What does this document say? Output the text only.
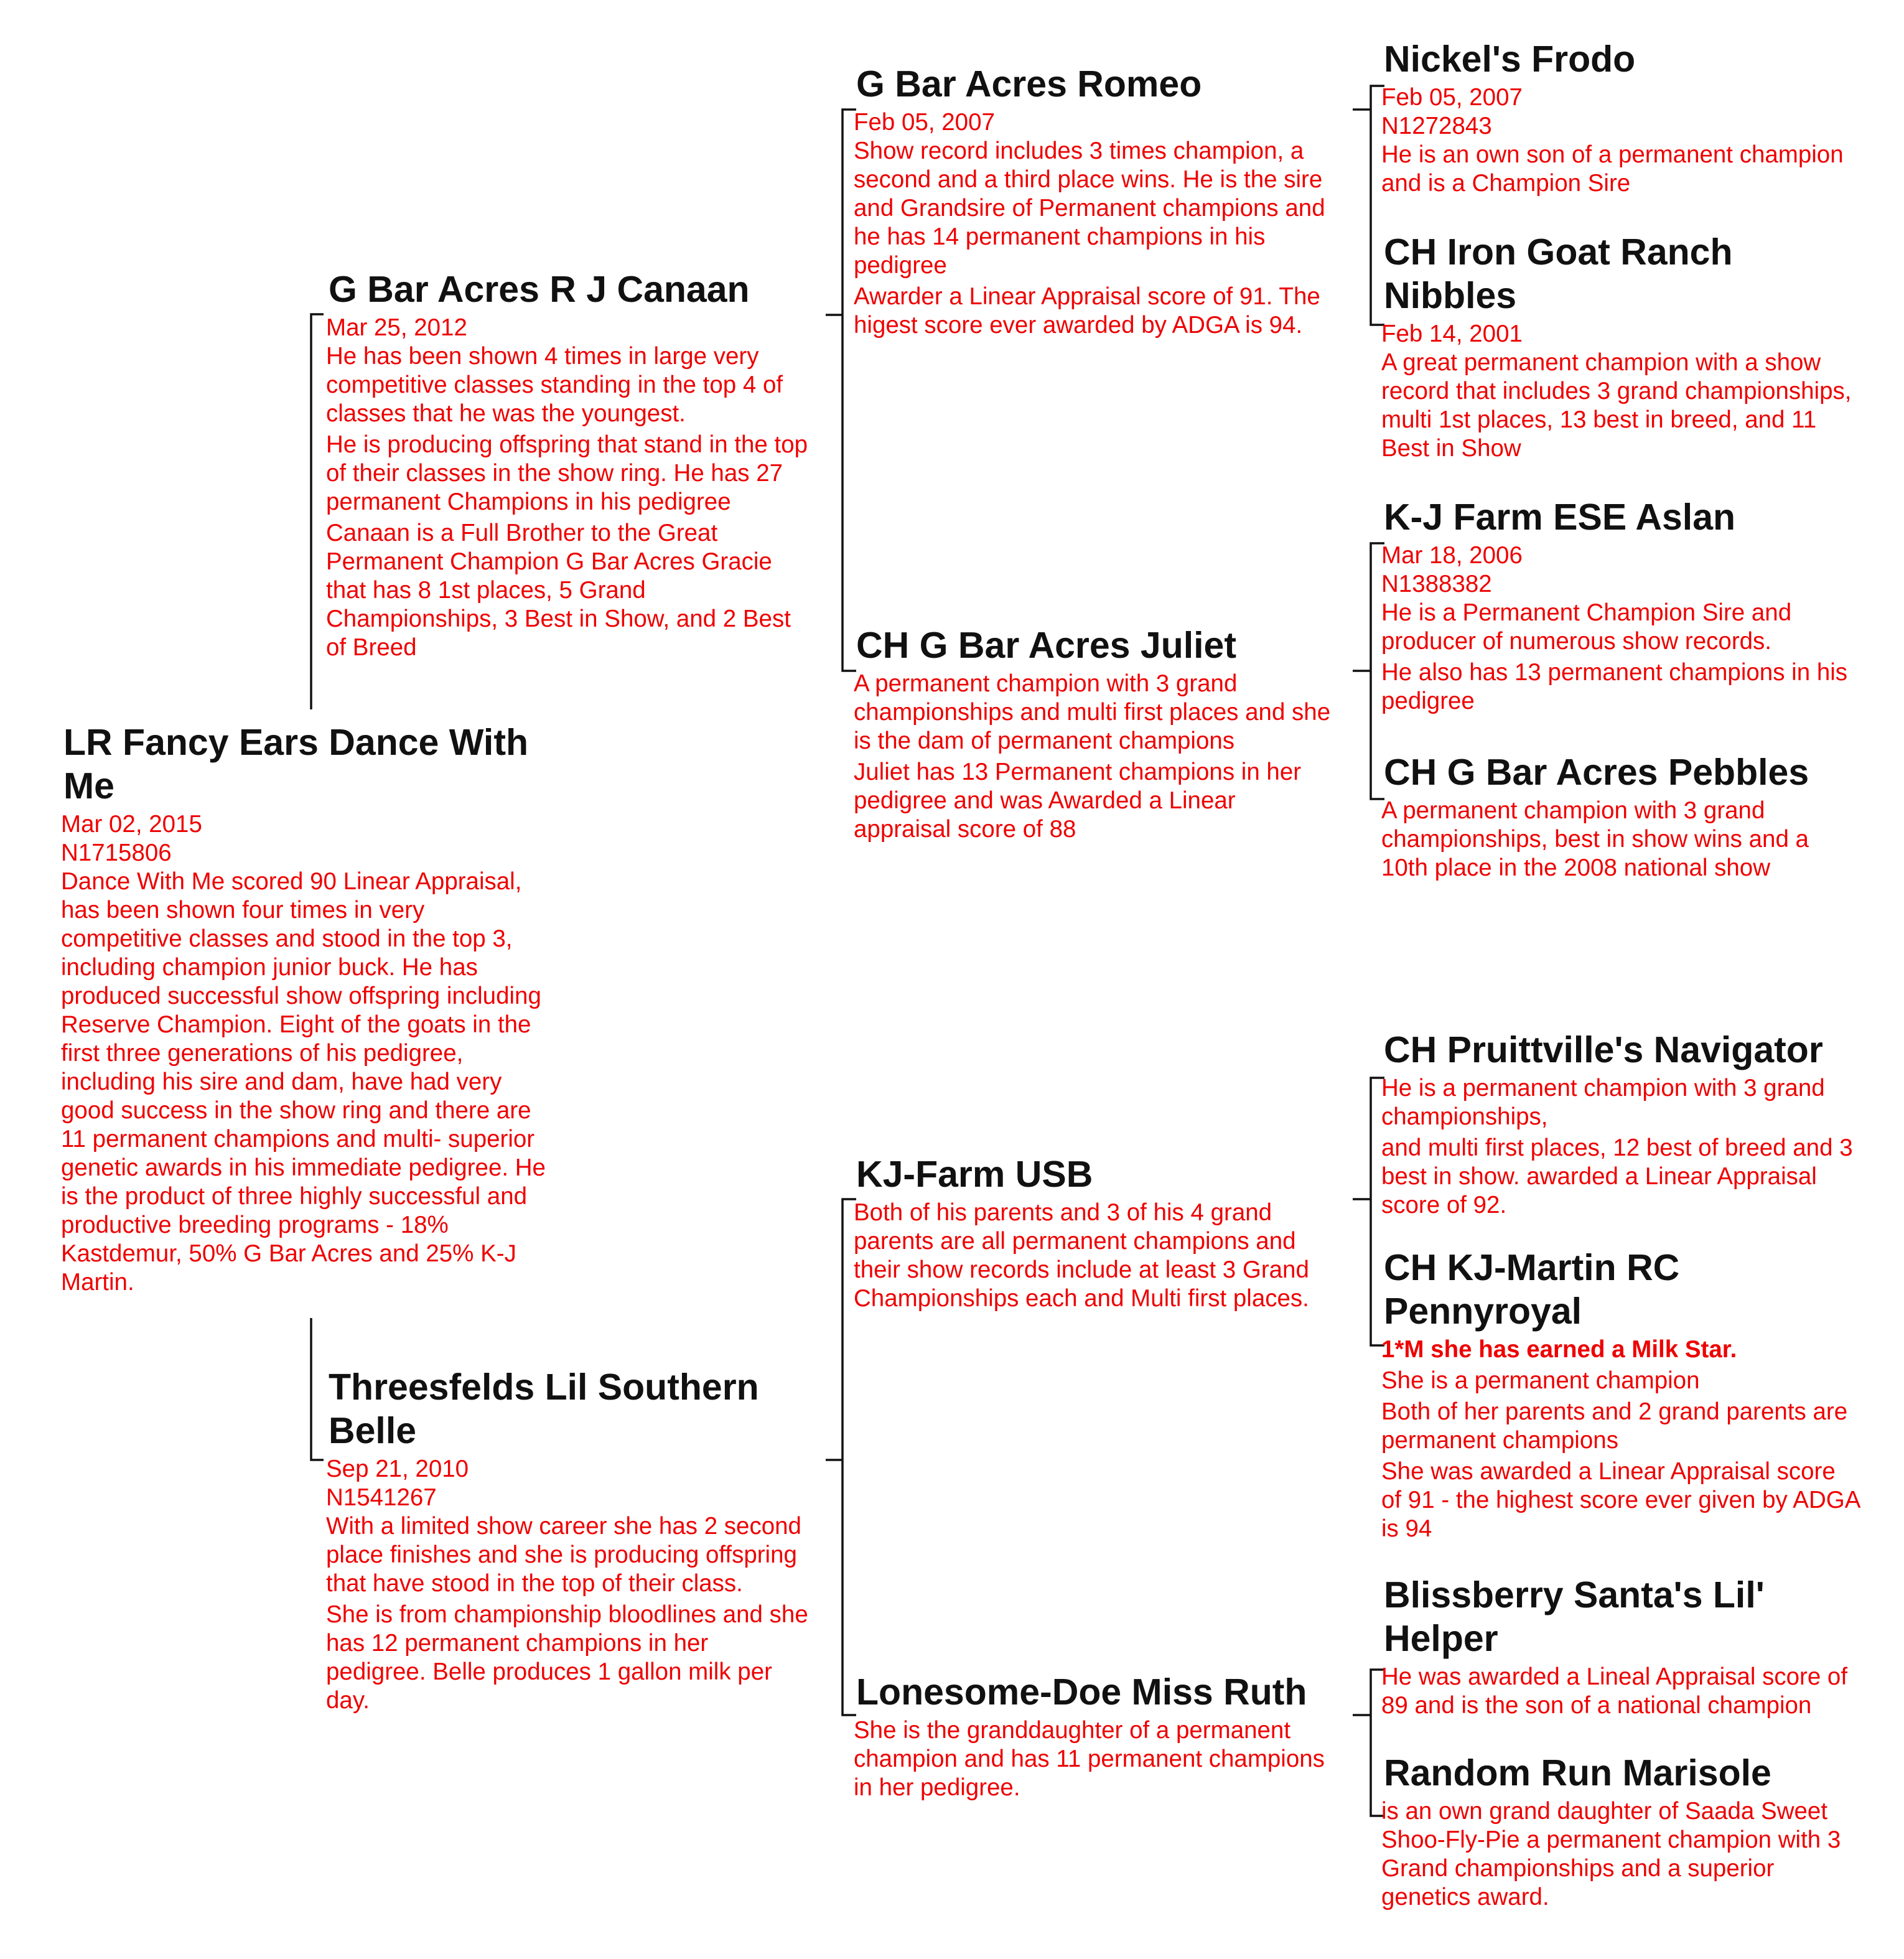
LR Fancy Ears Dance With Me
Mar 02, 2015
N1715806
Dance With Me scored 90 Linear Appraisal, has been shown four times in very competitive classes and stood in the top 3, including champion junior buck. He has produced successful show offspring including Reserve Champion. Eight of the goats in the first three generations of his pedigree, including his sire and dam, have had very good success in the show ring and there are 11 permanent champions and multi- superior genetic awards in his immediate pedigree. He is the product of three highly successful and productive breeding programs - 18% Kastdemur, 50% G Bar Acres and 25% K-J Martin.
G Bar Acres R J Canaan
Mar 25, 2012
He has been shown 4 times in large very competitive classes standing in the top 4 of classes that he was the youngest.
He is producing offspring that stand in the top of their classes in the show ring. He has 27 permanent Champions in his pedigree
Canaan is a Full Brother to the Great Permanent Champion G Bar Acres Gracie that has 8 1st places, 5 Grand Championships, 3 Best in Show, and 2 Best of Breed
Threesfelds Lil Southern Belle
Sep 21, 2010
N1541267
With a limited show career she has 2 second place finishes and she is producing offspring that have stood in the top of their class.
She is from championship bloodlines and she has 12 permanent champions in her pedigree. Belle produces 1 gallon milk per day.
G Bar Acres Romeo
Feb 05, 2007
Show record includes 3 times champion, a second and a third place wins. He is the sire and Grandsire of Permanent champions and he has 14 permanent champions in his pedigree
Awarder a Linear Appraisal score of 91. The higest score ever awarded by ADGA is 94.
CH G Bar Acres Juliet
A permanent champion with 3 grand championships and multi first places and she is the dam of permanent champions
Juliet has 13 Permanent champions in her pedigree and was Awarded a Linear appraisal score of 88
KJ-Farm USB
Both of his parents and 3 of his 4 grand parents are all permanent champions and their show records include at least 3 Grand Championships each and Multi first places.
Lonesome-Doe Miss Ruth
She is the granddaughter of a permanent champion and has 11 permanent champions in her pedigree.
Nickel's Frodo
Feb 05, 2007
N1272843
He is an own son of a permanent champion and is a Champion Sire
CH Iron Goat Ranch Nibbles
Feb 14, 2001
A great permanent champion with a show record that includes 3 grand championships, multi 1st places, 13 best in breed, and 11 Best in Show
K-J Farm ESE Aslan
Mar 18, 2006
N1388382
He is a Permanent Champion Sire and producer of numerous show records.
He also has 13 permanent champions in his pedigree
CH G Bar Acres Pebbles
A permanent champion with 3 grand championships, best in show wins and a 10th place in the 2008 national show
CH Pruittville's Navigator
He is a permanent champion with 3 grand championships,
and multi first places, 12 best of breed and 3 best in show. awarded a Linear Appraisal score of 92.
CH KJ-Martin RC Pennyroyal
1*M she has earned a Milk Star.
She is a permanent champion
Both of her parents and 2 grand parents are permanent champions
She was awarded a Linear Appraisal score of 91 - the highest score ever given by ADGA is 94
Blissberry Santa's Lil' Helper
He was awarded a Lineal Appraisal score of 89 and is the son of a national champion
Random Run Marisole
is an own grand daughter of Saada Sweet Shoo-Fly-Pie a permanent champion with 3 Grand championships and a superior genetics award.
